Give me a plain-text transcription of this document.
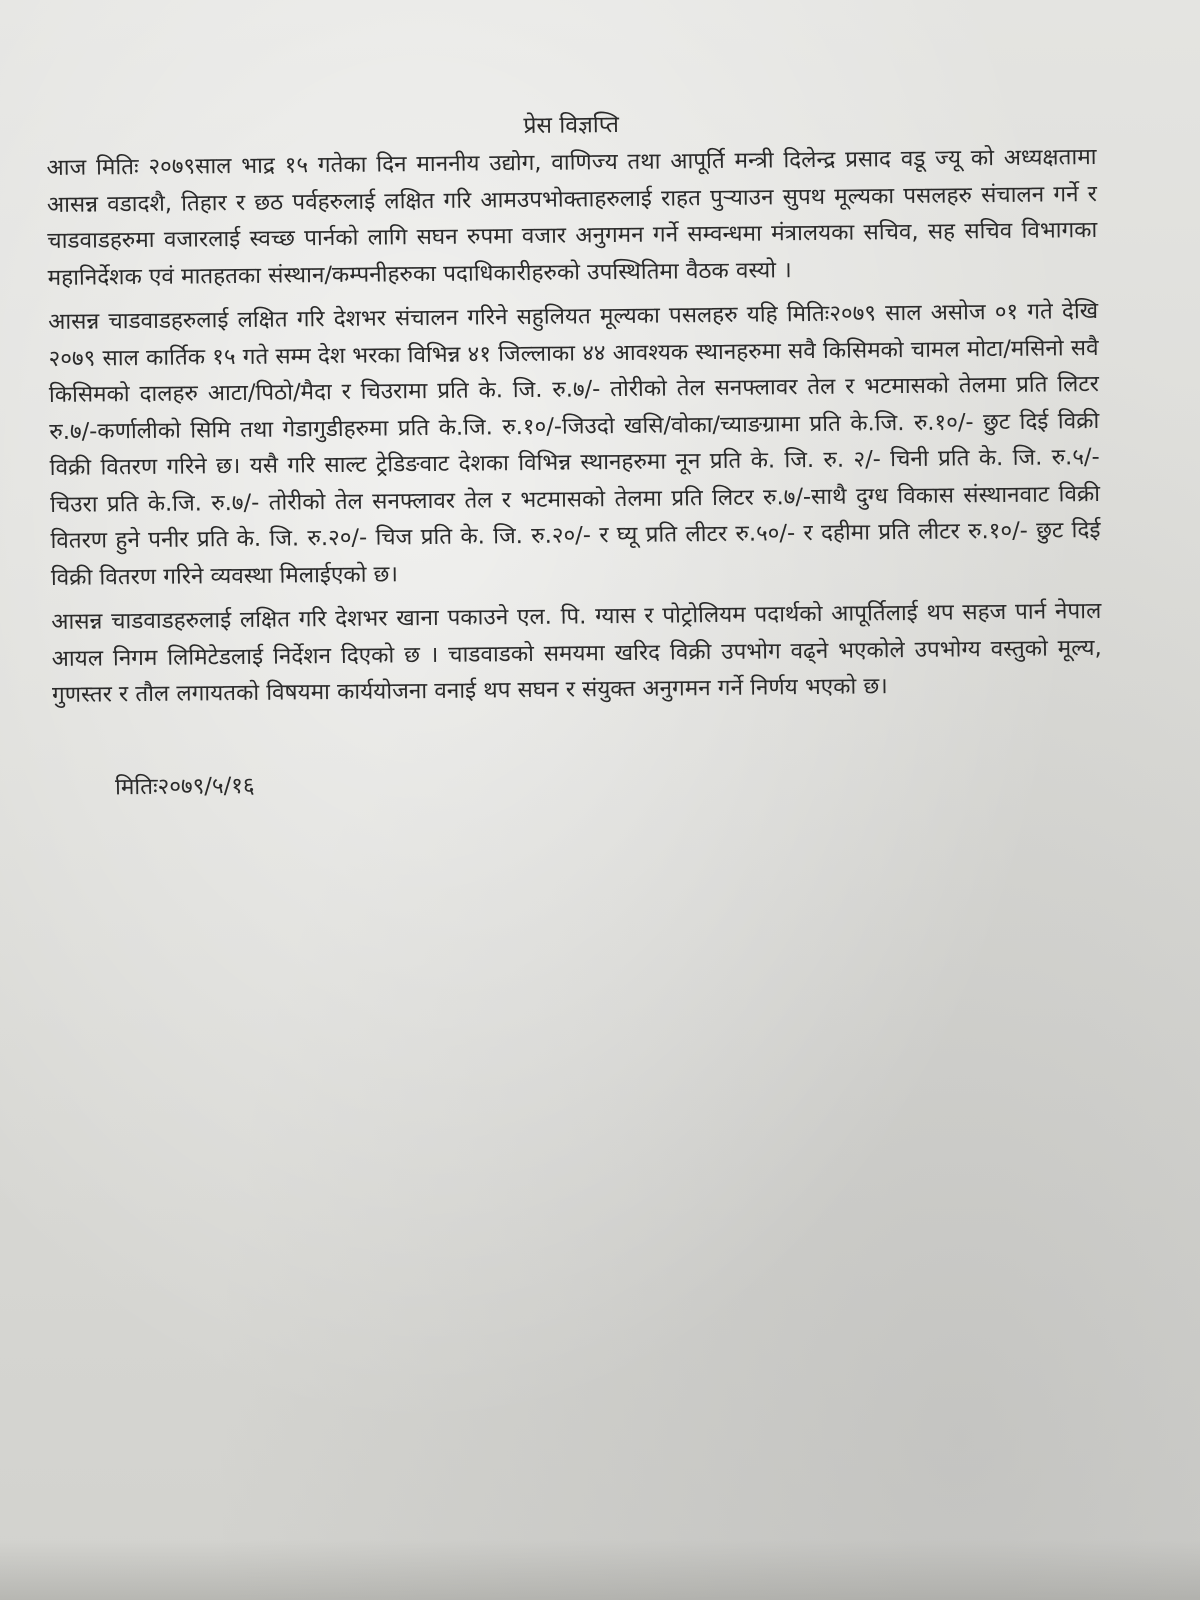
प्रेस विज्ञप्ति

आज मितिः २०७९साल भाद्र १५ गतेका दिन माननीय उद्योग, वाणिज्य तथा आपूर्ति मन्त्री दिलेन्द्र प्रसाद वडू ज्यू को अध्यक्षतामा आसन्न वडादशै, तिहार र छठ पर्वहरुलाई लक्षित गरि आमउपभोक्ताहरुलाई राहत पुऱ्याउन सुपथ मूल्यका पसलहरु संचालन गर्ने र चाडवाडहरुमा वजारलाई स्वच्छ पार्नको लागि सघन रुपमा वजार अनुगमन गर्ने सम्वन्धमा मंत्रालयका सचिव, सह सचिव विभागका महानिर्देशक एवं मातहतका संस्थान/कम्पनीहरुका पदाधिकारीहरुको उपस्थितिमा वैठक वस्यो ।

आसन्न चाडवाडहरुलाई लक्षित गरि देशभर संचालन गरिने सहुलियत मूल्यका पसलहरु यहि मितिः२०७९ साल असोज ०१ गते देखि २०७९ साल कार्तिक १५ गते सम्म देश भरका विभिन्न ४१ जिल्लाका ४४ आवश्यक स्थानहरुमा सवै किसिमको चामल मोटा/मसिनो सवै किसिमको दालहरु आटा/पिठो/मैदा र चिउरामा प्रति के. जि. रु.७/- तोरीको तेल सनफ्लावर तेल र भटमासको तेलमा प्रति लिटर रु.७/-कर्णालीको सिमि तथा गेडागुडीहरुमा प्रति के.जि. रु.१०/-जिउदो खसि/वोका/च्याङग्रामा प्रति के.जि. रु.१०/- छुट दिई विक्री विक्री वितरण गरिने छ। यसै गरि साल्ट ट्रेडिङवाट देशका विभिन्न स्थानहरुमा नून प्रति के. जि. रु. २/- चिनी प्रति के. जि. रु.५/- चिउरा प्रति के.जि. रु.७/- तोरीको तेल सनफ्लावर तेल र भटमासको तेलमा प्रति लिटर रु.७/-साथै दुग्ध विकास संस्थानवाट विक्री वितरण हुने पनीर प्रति के. जि. रु.२०/- चिज प्रति के. जि. रु.२०/- र घ्यू प्रति लीटर रु.५०/- र दहीमा प्रति लीटर रु.१०/- छुट दिई विक्री वितरण गरिने व्यवस्था मिलाईएको छ।

आसन्न चाडवाडहरुलाई लक्षित गरि देशभर खाना पकाउने एल. पि. ग्यास र पोट्रोलियम पदार्थको आपूर्तिलाई थप सहज पार्न नेपाल आयल निगम लिमिटेडलाई निर्देशन दिएको छ । चाडवाडको समयमा खरिद विक्री उपभोग वढ्ने भएकोले उपभोग्य वस्तुको मूल्य, गुणस्तर र तौल लगायतको विषयमा कार्ययोजना वनाई थप सघन र संयुक्त अनुगमन गर्ने निर्णय भएको छ।

मितिः२०७९/५/१६
